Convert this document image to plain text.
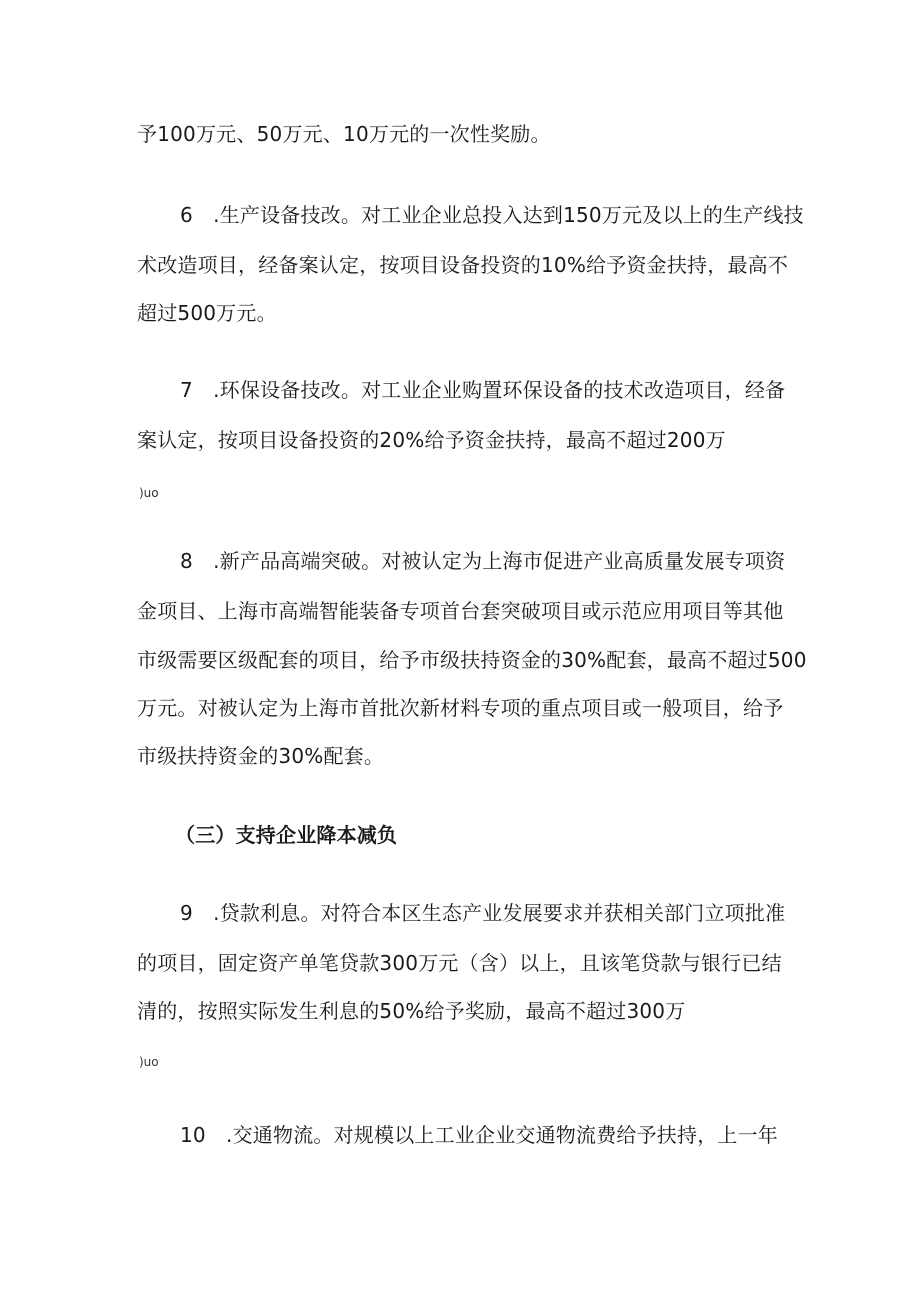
予100万元、50万元、10万元的一次性奖励。
6　.生产设备技改。对工业企业总投入达到150万元及以上的生产线技
术改造项目，经备案认定，按项目设备投资的10%给予资金扶持，最高不
超过500万元。
7　.环保设备技改。对工业企业购置环保设备的技术改造项目，经备
案认定，按项目设备投资的20%给予资金扶持，最高不超过200万
)uo
8　.新产品高端突破。对被认定为上海市促进产业高质量发展专项资
金项目、上海市高端智能装备专项首台套突破项目或示范应用项目等其他
市级需要区级配套的项目，给予市级扶持资金的30%配套，最高不超过500
万元。对被认定为上海市首批次新材料专项的重点项目或一般项目，给予
市级扶持资金的30%配套。
（三）支持企业降本减负
9　.贷款利息。对符合本区生态产业发展要求并获相关部门立项批准
的项目，固定资产单笔贷款300万元（含）以上，且该笔贷款与银行已结
清的，按照实际发生利息的50%给予奖励，最高不超过300万
)uo
10　.交通物流。对规模以上工业企业交通物流费给予扶持，上一年
